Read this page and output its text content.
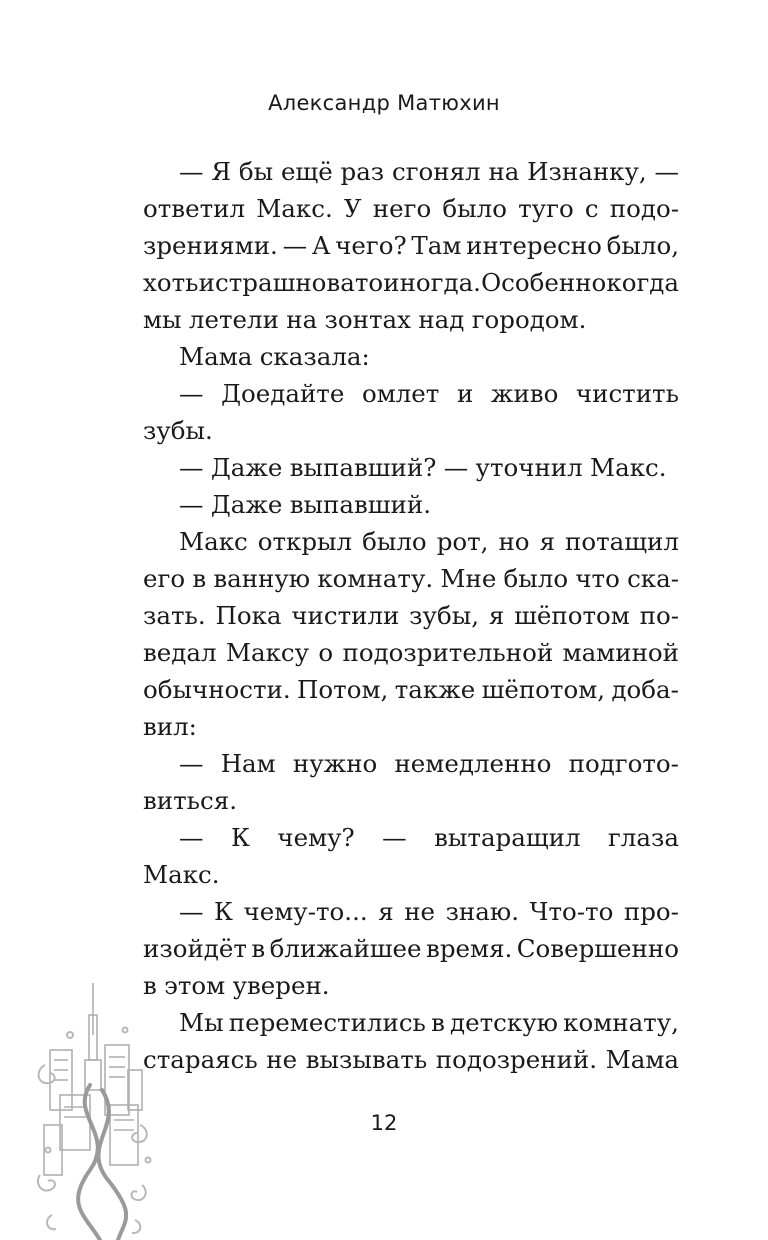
Александр Матюхин
— Я бы ещё раз сгонял на Изнанку, —
ответил Макс. У него было туго с подо-
зрениями. — А чего? Там интересно было,
хоть и страшновато иногда. Особенно когда
мы летели на зонтах над городом.
Мама сказала:
— Доедайте омлет и живо чистить
зубы.
— Даже выпавший? — уточнил Макс.
— Даже выпавший.
Макс открыл было рот, но я потащил
его в ванную комнату. Мне было что ска-
зать. Пока чистили зубы, я шёпотом по-
ведал Максу о подозрительной маминой
обычности. Потом, также шёпотом, доба-
вил:
— Нам нужно немедленно подгото-
виться.
— К чему? — вытаращил глаза
Макс.
— К чему-то... я не знаю. Что-то про-
изойдёт в ближайшее время. Совершенно
в этом уверен.
Мы переместились в детскую комнату,
стараясь не вызывать подозрений. Мама
12
